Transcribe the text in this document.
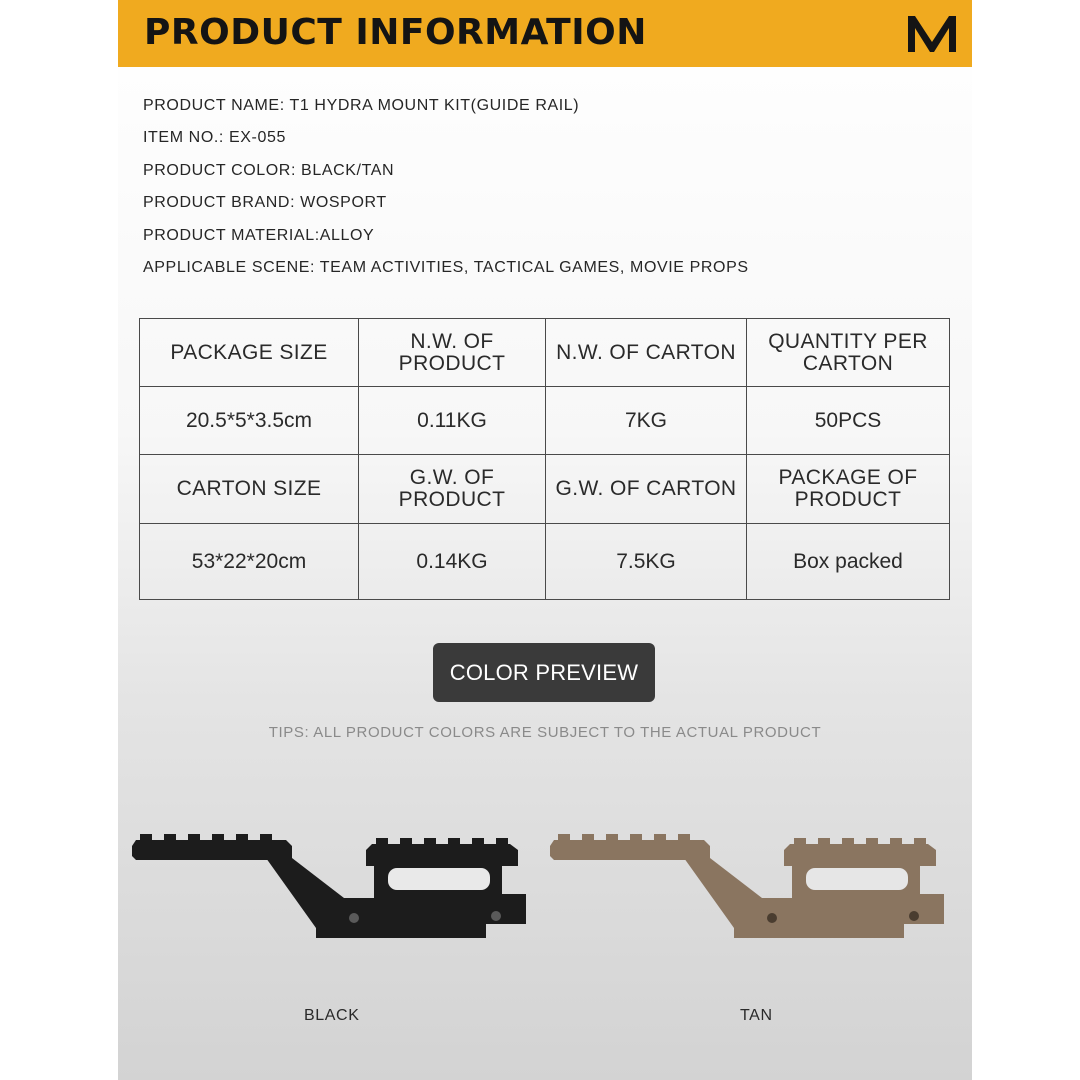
PRODUCT INFORMATION
PRODUCT NAME: T1 HYDRA MOUNT KIT(GUIDE RAIL)
ITEM NO.: EX-055
PRODUCT COLOR: BLACK/TAN
PRODUCT BRAND: WOSPORT
PRODUCT MATERIAL:ALLOY
APPLICABLE SCENE: TEAM ACTIVITIES, TACTICAL GAMES, MOVIE PROPS
PACKAGE SIZE	N.W. OF PRODUCT	N.W. OF CARTON	QUANTITY PER CARTON
20.5*5*3.5cm	0.11KG	7KG	50PCS
CARTON SIZE	G.W. OF PRODUCT	G.W. OF CARTON	PACKAGE OF PRODUCT
53*22*20cm	0.14KG	7.5KG	Box packed
COLOR PREVIEW
TIPS: ALL PRODUCT COLORS ARE SUBJECT TO THE ACTUAL PRODUCT
BLACK	TAN
